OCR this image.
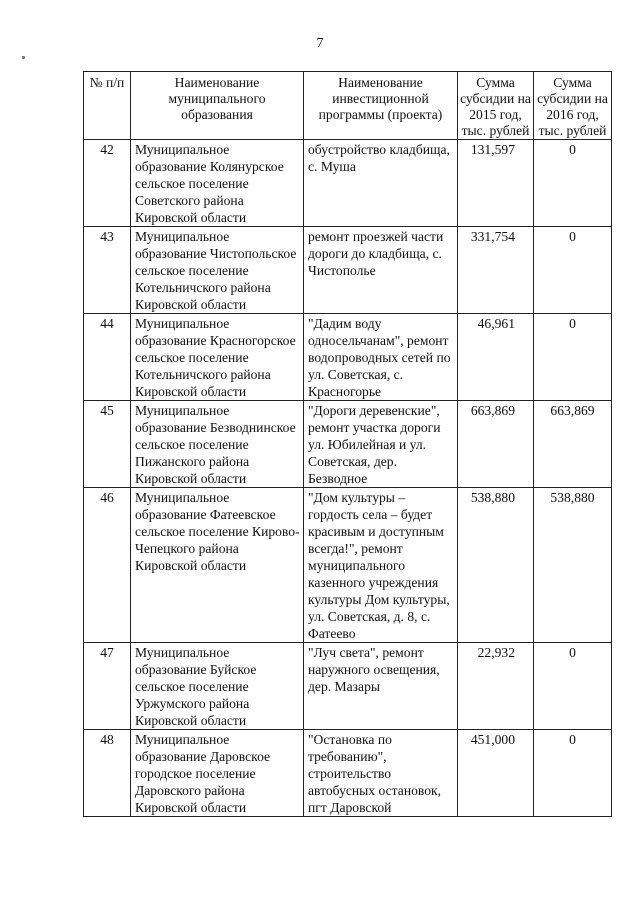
7
№ п/п	Наименование муниципального образования	Наименование инвестиционной программы (проекта)	Сумма субсидии на 2015 год, тыс. рублей	Сумма субсидии на 2016 год, тыс. рублей
42	Муниципальное образование Колянурское сельское поселение Советского района Кировской области	обустройство кладбища, с. Муша	131,597	0
43	Муниципальное образование Чистопольское сельское поселение Котельничского района Кировской области	ремонт проезжей части дороги до кладбища, с. Чистополье	331,754	0
44	Муниципальное образование Красногорское сельское поселение Котельничского района Кировской области	"Дадим воду односельчанам", ремонт водопроводных сетей по ул. Советская, с. Красногорье	46,961	0
45	Муниципальное образование Безводнинское сельское поселение Пижанского района Кировской области	"Дороги деревенские", ремонт участка дороги ул. Юбилейная и ул. Советская, дер. Безводное	663,869	663,869
46	Муниципальное образование Фатеевское сельское поселение Кирово-Чепецкого района Кировской области	"Дом культуры – гордость села – будет красивым и доступным всегда!", ремонт муниципального казенного учреждения культуры Дом культуры, ул. Советская, д. 8, с. Фатеево	538,880	538,880
47	Муниципальное образование Буйское сельское поселение Уржумского района Кировской области	"Луч света", ремонт наружного освещения, дер. Мазары	22,932	0
48	Муниципальное образование Даровское городское поселение Даровского района Кировской области	"Остановка по требованию", строительство автобусных остановок, пгт Даровской	451,000	0
